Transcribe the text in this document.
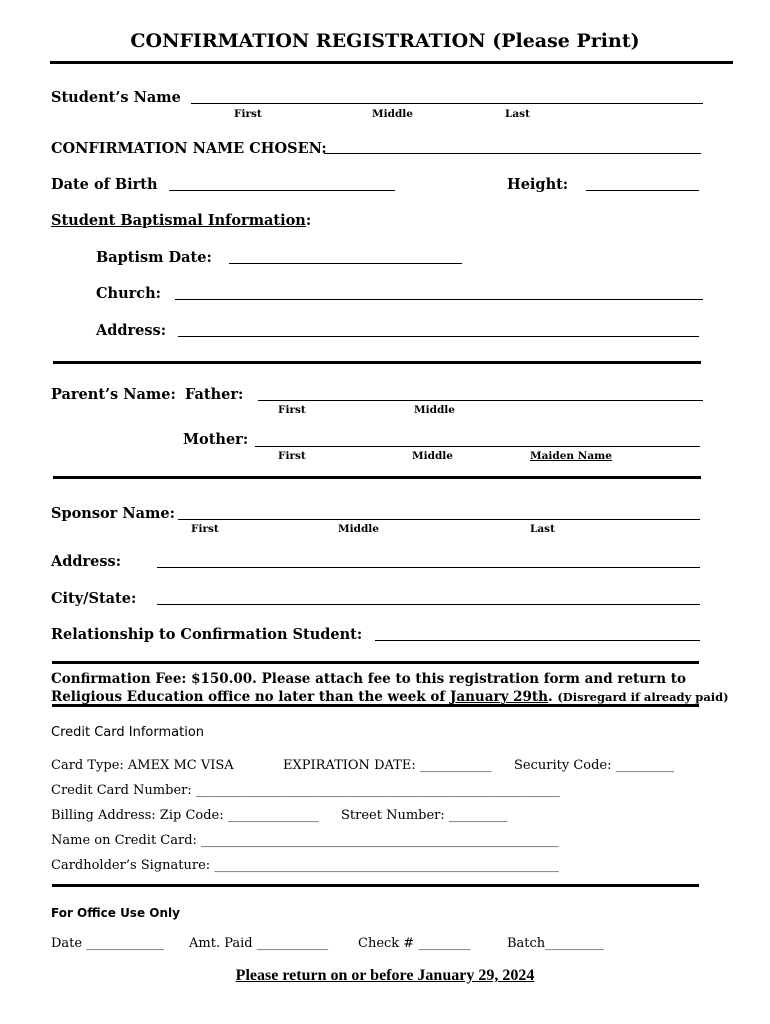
CONFIRMATION REGISTRATION (Please Print)
Student’s Name
First	Middle	Last
CONFIRMATION NAME CHOSEN:
Date of Birth	Height:
Student Baptismal Information:
Baptism Date:
Church:
Address:
Parent’s Name: Father:
First	Middle
Mother:
First	Middle	Maiden Name
Sponsor Name:
First	Middle	Last
Address:
City/State:
Relationship to Confirmation Student:
Confirmation Fee: $150.00. Please attach fee to this registration form and return to
Religious Education office no later than the week of January 29th. (Disregard if already paid)
Credit Card Information
Card Type: AMEX MC VISA	EXPIRATION DATE: ___________ Security Code: _________
Credit Card Number: ________________________________________________________
Billing Address: Zip Code: ______________ Street Number: _________
Name on Credit Card: _______________________________________________________
Cardholder’s Signature: _____________________________________________________
For Office Use Only
Date ____________ Amt. Paid ___________ Check # ________	Batch_________
Please return on or before January 29, 2024
